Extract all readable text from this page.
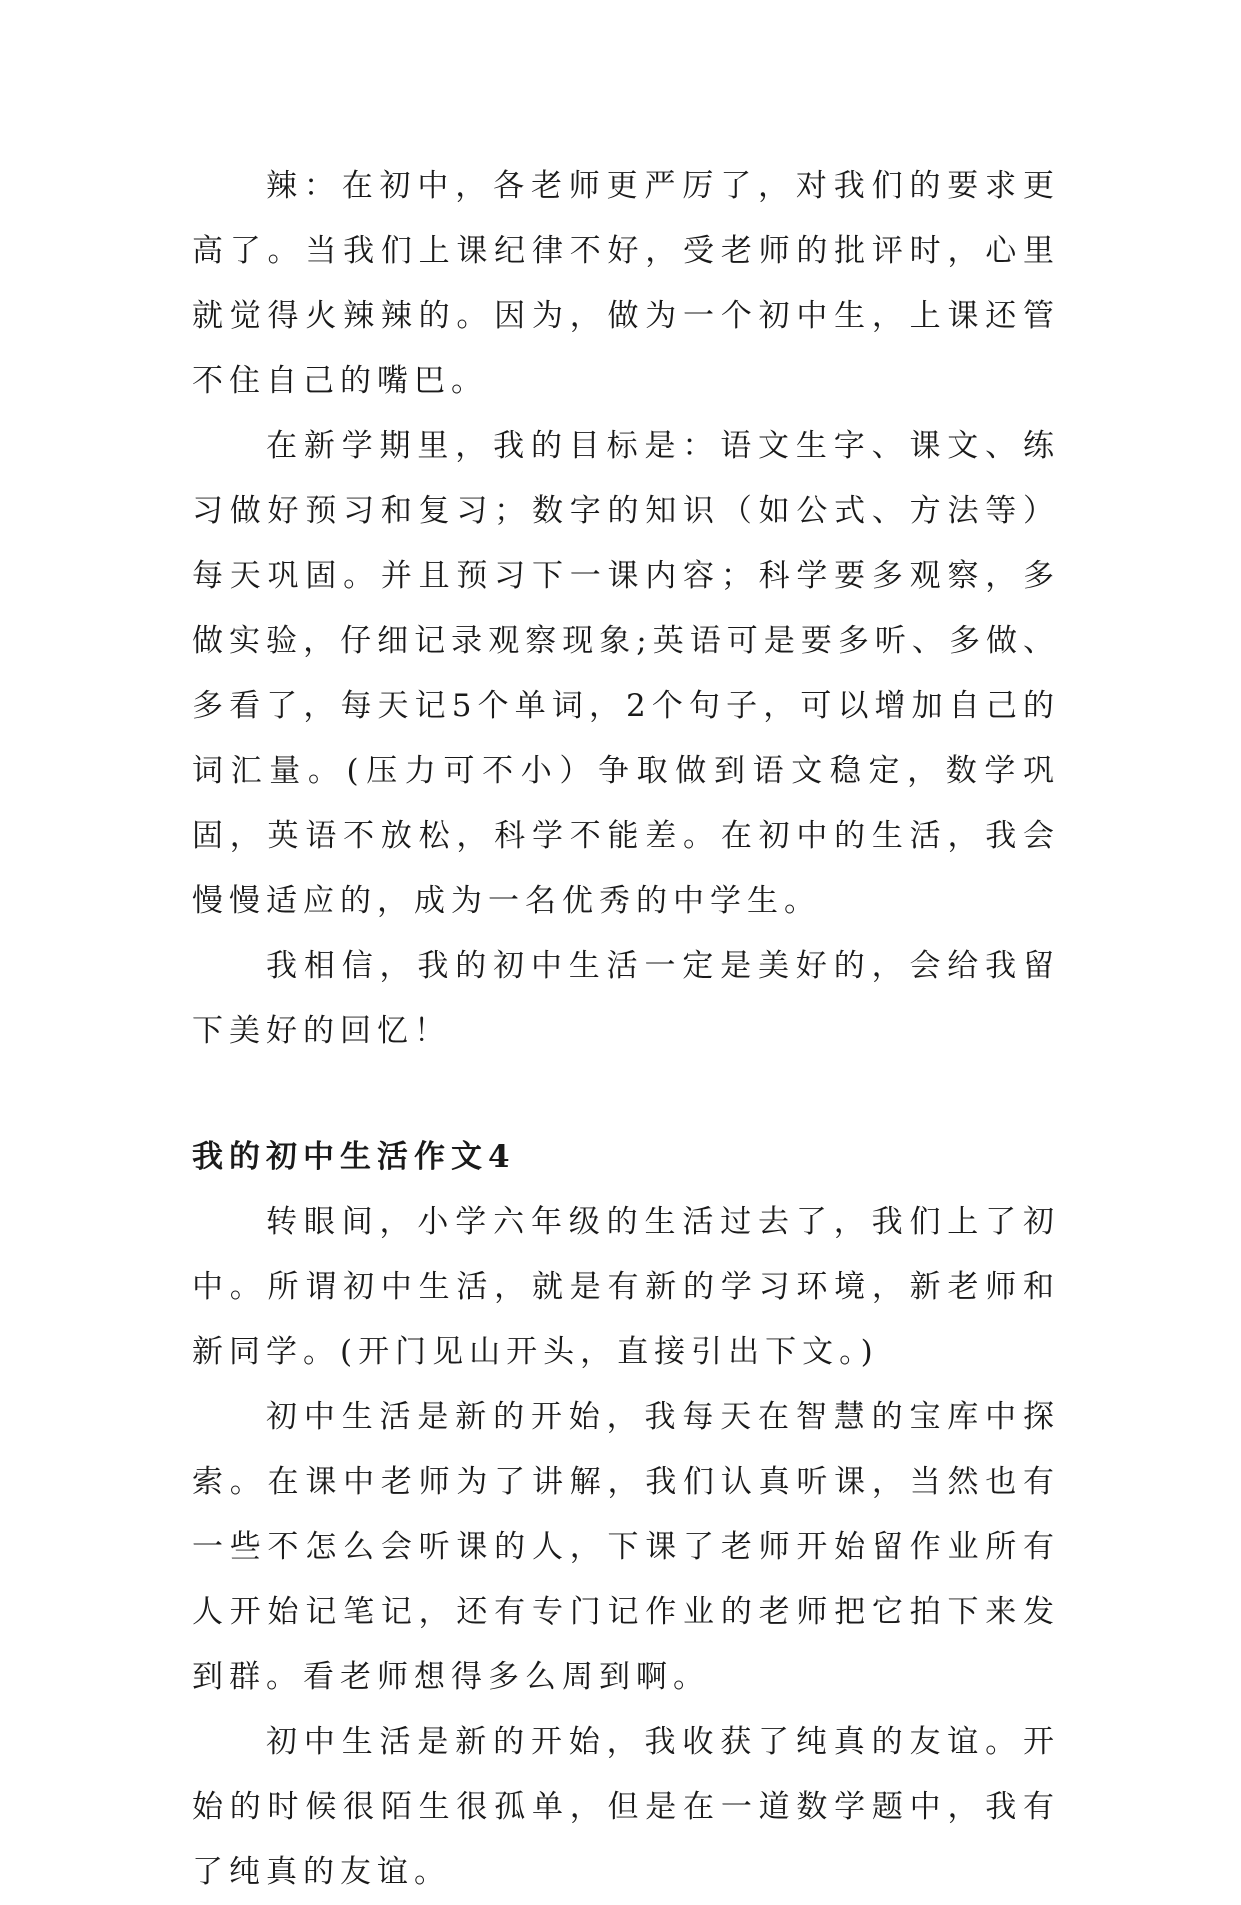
辣：在初中，各老师更严厉了，对我们的要求更高了。当我们上课纪律不好，受老师的批评时，心里就觉得火辣辣的。因为，做为一个初中生，上课还管不住自己的嘴巴。

在新学期里，我的目标是：语文生字、课文、练习做好预习和复习；数字的知识（如公式、方法等）每天巩固。并且预习下一课内容；科学要多观察，多做实验，仔细记录观察现象;英语可是要多听、多做、多看了，每天记5个单词，2个句子，可以增加自己的词汇量。(压力可不小）争取做到语文稳定，数学巩固，英语不放松，科学不能差。在初中的生活，我会慢慢适应的，成为一名优秀的中学生。

我相信，我的初中生活一定是美好的，会给我留下美好的回忆！

我的初中生活作文4

转眼间，小学六年级的生活过去了，我们上了初中。所谓初中生活，就是有新的学习环境，新老师和新同学。(开门见山开头，直接引出下文。)

初中生活是新的开始，我每天在智慧的宝库中探索。在课中老师为了讲解，我们认真听课，当然也有一些不怎么会听课的人，下课了老师开始留作业所有人开始记笔记，还有专门记作业的老师把它拍下来发到群。看老师想得多么周到啊。

初中生活是新的开始，我收获了纯真的友谊。开始的时候很陌生很孤单，但是在一道数学题中，我有了纯真的友谊。
